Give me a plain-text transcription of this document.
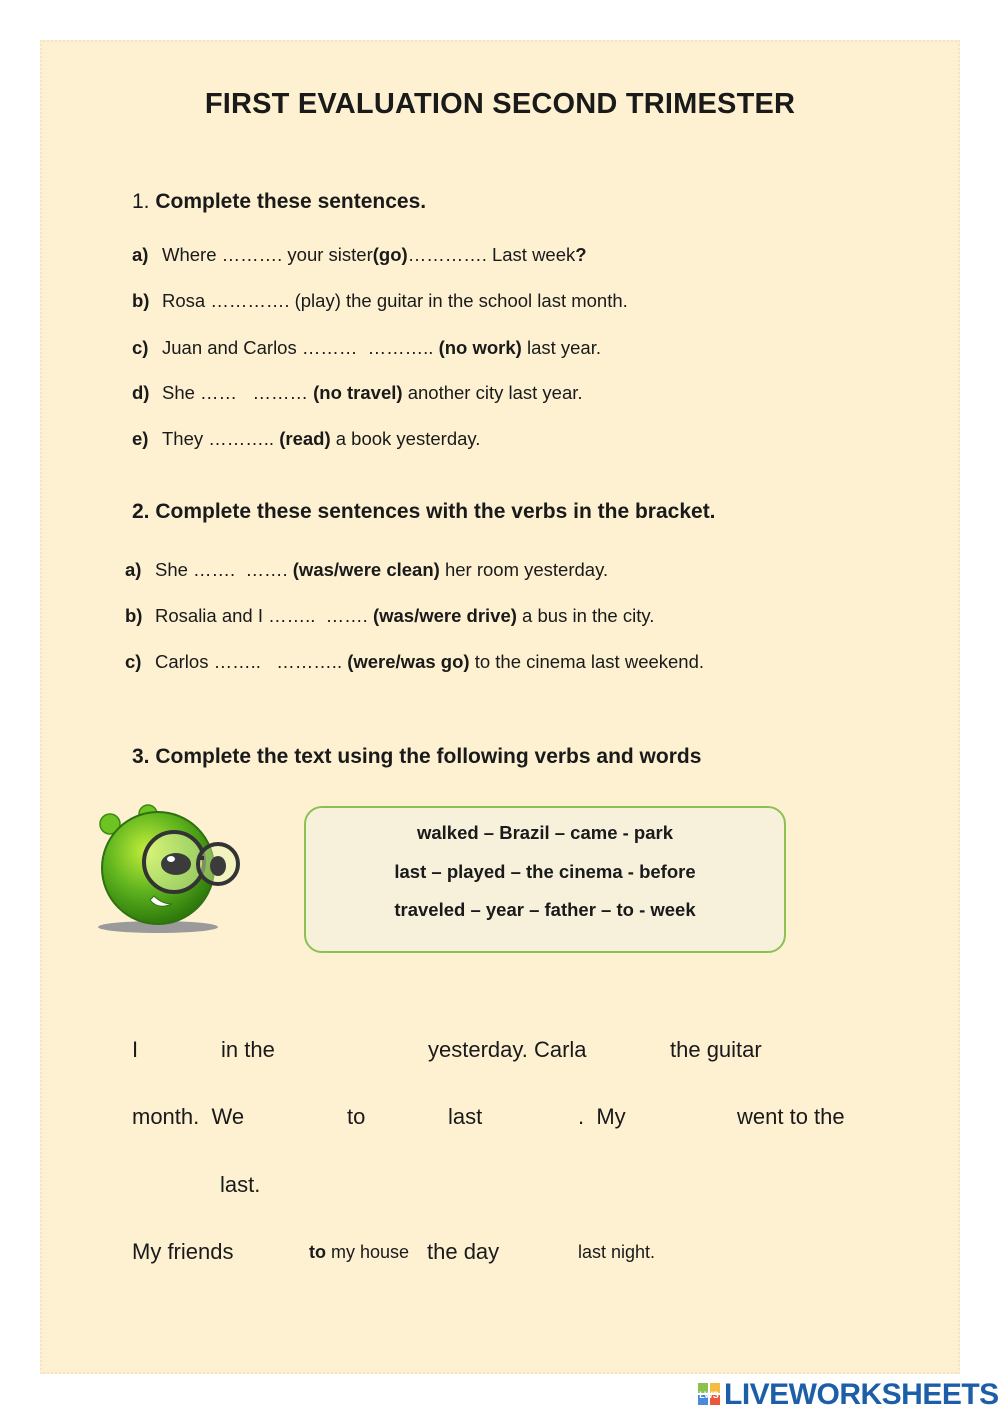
FIRST EVALUATION SECOND TRIMESTER
1. Complete these sentences.
a) Where ………. your sister(go)…………. Last week?
b) Rosa …………. (play) the guitar in the school last month.
c) Juan and Carlos ………  ……….. (no work) last year.
d) She ……   ……… (no travel) another city last year.
e) They ……….. (read) a book yesterday.
2. Complete these sentences with the verbs in the bracket.
a) She …….  ……. (was/were clean) her room yesterday.
b) Rosalia and I ……..  ……. (was/were drive) a bus in the city.
c) Carlos ……..   ……….. (were/was go) to the cinema last weekend.
3. Complete the text using the following verbs and words
walked – Brazil – came - park
last – played – the cinema - before
traveled – year – father – to - week
I	in the	yesterday. Carla	the guitar
month.  We	to	last	.  My	went to the
last.
My friends	to my house the day	last night.
LWS LIVEWORKSHEETS
